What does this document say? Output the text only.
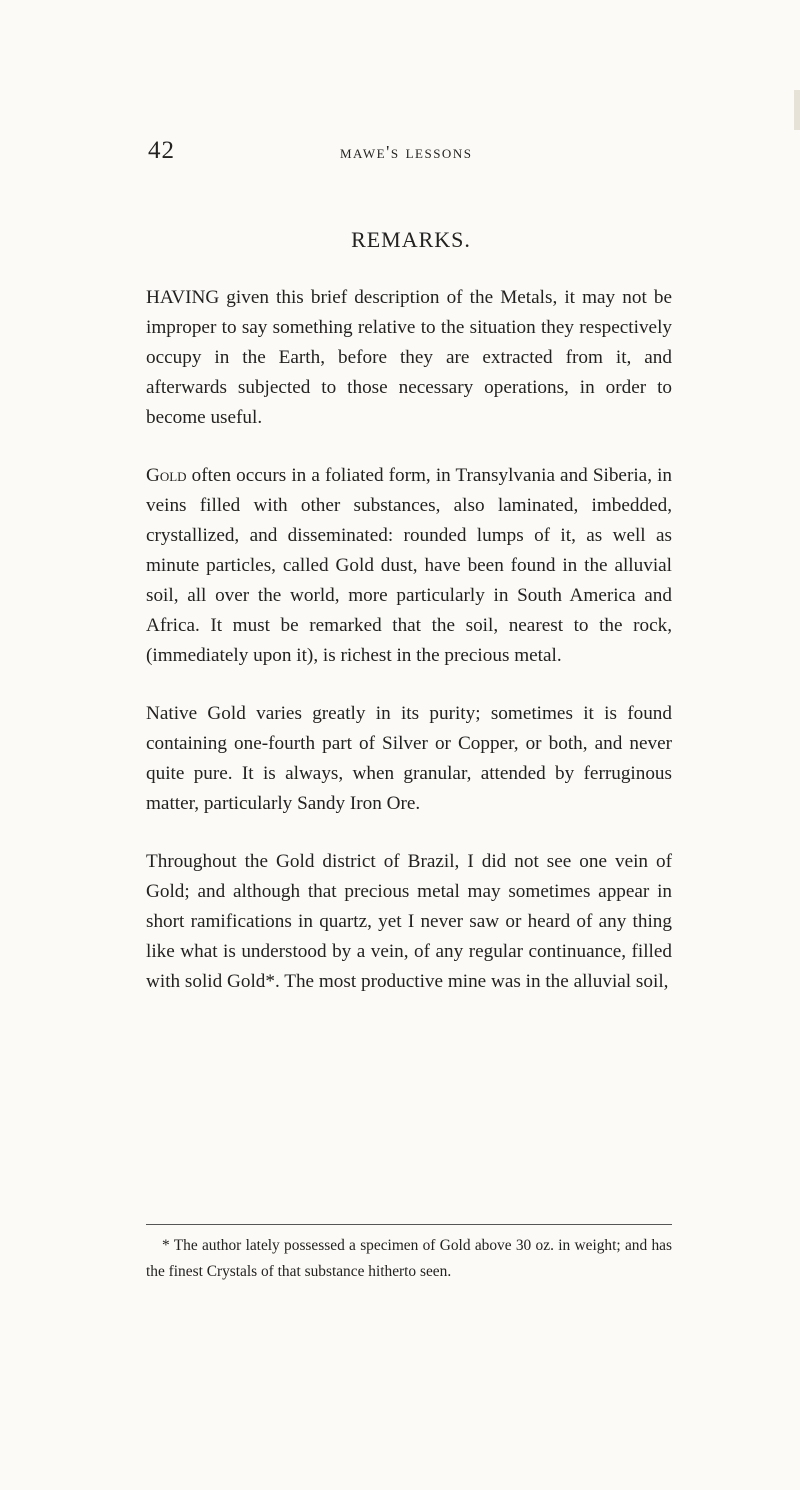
42	mawe's lessons
REMARKS.

HAVING given this brief description of the Metals, it may not be improper to say something relative to the situation they respectively occupy in the Earth, before they are extracted from it, and afterwards subjected to those necessary operations, in order to become useful.

Gold often occurs in a foliated form, in Transylvania and Siberia, in veins filled with other substances, also laminated, imbedded, crystallized, and disseminated: rounded lumps of it, as well as minute particles, called Gold dust, have been found in the alluvial soil, all over the world, more particularly in South America and Africa. It must be remarked that the soil, nearest to the rock, (immediately upon it), is richest in the precious metal.

Native Gold varies greatly in its purity; sometimes it is found containing one-fourth part of Silver or Copper, or both, and never quite pure. It is always, when granular, attended by ferruginous matter, particularly Sandy Iron Ore.

Throughout the Gold district of Brazil, I did not see one vein of Gold; and although that precious metal may sometimes appear in short ramifications in quartz, yet I never saw or heard of any thing like what is understood by a vein, of any regular continuance, filled with solid Gold*. The most productive mine was in the alluvial soil,

* The author lately possessed a specimen of Gold above 30 oz. in weight; and has the finest Crystals of that substance hitherto seen.
